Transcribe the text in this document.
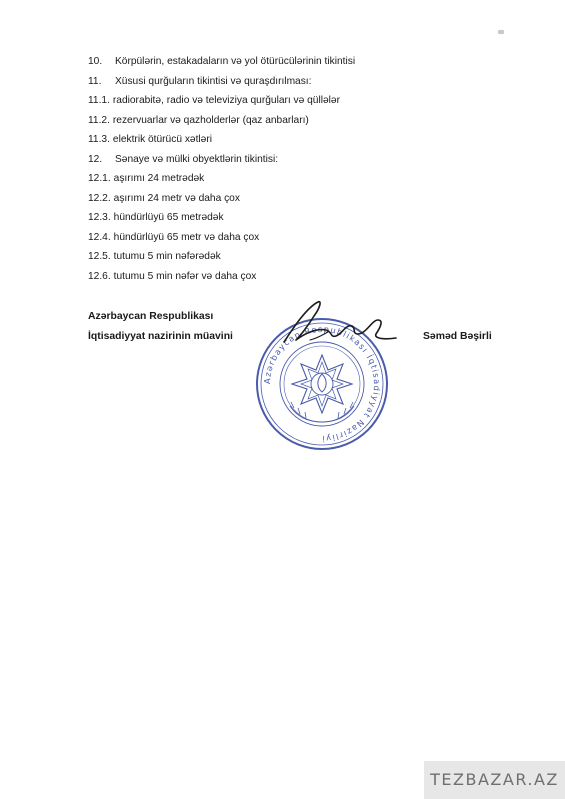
10. Körpülərin, estakadaların və yol ötürücülərinin tikintisi
11. Xüsusi qurğuların tikintisi və quraşdırılması:
11.1. radiorabitə, radio və televiziya qurğuları və qüllələr
11.2. rezervuarlar və qazholderlər (qaz anbarları)
11.3. elektrik ötürücü xətləri
12. Sənaye və mülki obyektlərin tikintisi:
12.1. aşırımı 24 metrədək
12.2. aşırımı 24 metr və daha çox
12.3. hündürlüyü 65 metrədək
12.4. hündürlüyü 65 metr və daha çox
12.5. tutumu 5 min nəfərədək
12.6. tutumu 5 min nəfər və daha çox
Azərbaycan Respublikası
İqtisadiyyat nazirinin müavini
Azərbaycan Respublikası İqtisadiyyat Nazirliyi
Səməd Bəşirli
TEZBAZAR.AZ
